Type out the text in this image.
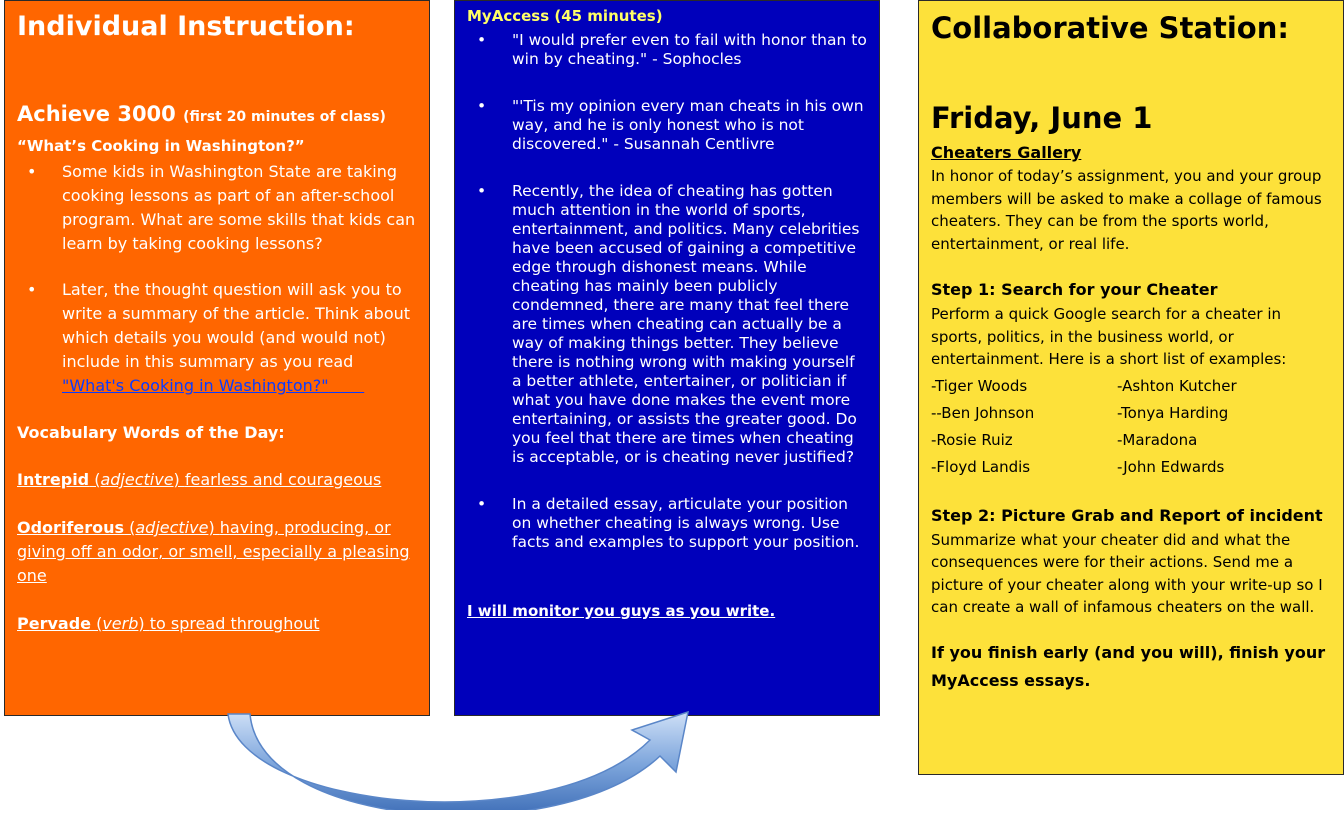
Individual Instruction:
Achieve 3000 (first 20 minutes of class)
“What’s Cooking in Washington?”
• Some kids in Washington State are taking cooking lessons as part of an after-school program. What are some skills that kids can learn by taking cooking lessons?
• Later, the thought question will ask you to write a summary of the article. Think about which details you would (and would not) include in this summary as you read "What's Cooking in Washington?"
Vocabulary Words of the Day:
Intrepid (adjective) fearless and courageous
Odoriferous (adjective) having, producing, or giving off an odor, or smell, especially a pleasing one
Pervade (verb) to spread throughout
MyAccess (45 minutes)
• "I would prefer even to fail with honor than to win by cheating." - Sophocles
• "'Tis my opinion every man cheats in his own way, and he is only honest who is not discovered." - Susannah Centlivre
• Recently, the idea of cheating has gotten much attention in the world of sports, entertainment, and politics. Many celebrities have been accused of gaining a competitive edge through dishonest means. While cheating has mainly been publicly condemned, there are many that feel there are times when cheating can actually be a way of making things better. They believe there is nothing wrong with making yourself a better athlete, entertainer, or politician if what you have done makes the event more entertaining, or assists the greater good. Do you feel that there are times when cheating is acceptable, or is cheating never justified?
• In a detailed essay, articulate your position on whether cheating is always wrong. Use facts and examples to support your position.
I will monitor you guys as you write.
Collaborative Station:
Friday, June 1
Cheaters Gallery
In honor of today’s assignment, you and your group members will be asked to make a collage of famous cheaters. They can be from the sports world, entertainment, or real life.
Step 1: Search for your Cheater
Perform a quick Google search for a cheater in sports, politics, in the business world, or entertainment. Here is a short list of examples:
-Tiger Woods	-Ashton Kutcher
--Ben Johnson	-Tonya Harding
-Rosie Ruiz	-Maradona
-Floyd Landis	-John Edwards
Step 2: Picture Grab and Report of incident
Summarize what your cheater did and what the consequences were for their actions. Send me a picture of your cheater along with your write-up so I can create a wall of infamous cheaters on the wall.
If you finish early (and you will), finish your MyAccess essays.
